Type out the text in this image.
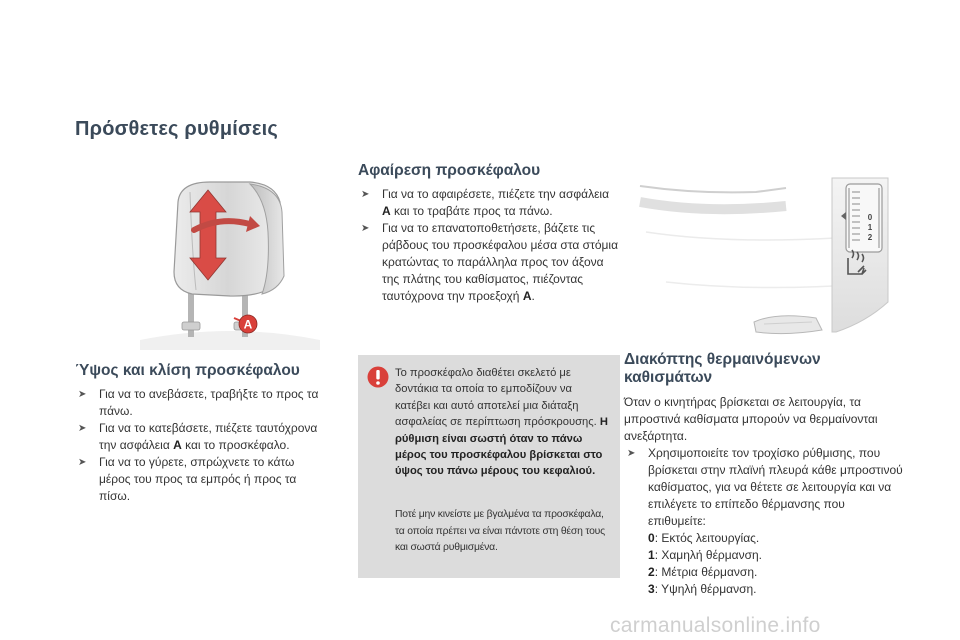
Πρόσθετες ρυθμίσεις
A
Ύψος και κλίση προσκέφαλου
➤ Για να το ανεβάσετε, τραβήξτε το προς τα πάνω.
➤ Για να το κατεβάσετε, πιέζετε ταυτόχρονα την ασφάλεια A και το προσκέφαλο.
➤ Για να το γύρετε, σπρώχνετε το κάτω μέρος του προς τα εμπρός ή προς τα πίσω.
Αφαίρεση προσκέφαλου
➤ Για να το αφαιρέσετε, πιέζετε την ασφάλεια A και το τραβάτε προς τα πάνω.
➤ Για να το επανατοποθετήσετε, βάζετε τις ράβδους του προσκέφαλου μέσα στα στόμια κρατώντας το παράλληλα προς τον άξονα της πλάτης του καθίσματος, πιέζοντας ταυτόχρονα την προεξοχή A.
Το προσκέφαλο διαθέτει σκελετό με δοντάκια τα οποία το εμποδίζουν να κατέβει και αυτό αποτελεί μια διάταξη ασφαλείας σε περίπτωση πρόσκρουσης. Η ρύθμιση είναι σωστή όταν το πάνω μέρος του προσκέφαλου βρίσκεται στο ύψος του πάνω μέρους του κεφαλιού.
Ποτέ μην κινείστε με βγαλμένα τα προσκέφαλα, τα οποία πρέπει να είναι πάντοτε στη θέση τους και σωστά ρυθμισμένα.
0
1
2
Διακόπτης θερμαινόμενων καθισμάτων

Όταν ο κινητήρας βρίσκεται σε λειτουργία, τα μπροστινά καθίσματα μπορούν να θερμαίνονται ανεξάρτητα.

➤ Χρησιμοποιείτε τον τροχίσκο ρύθμισης, που βρίσκεται στην πλαϊνή πλευρά κάθε μπροστινού καθίσματος, για να θέτετε σε λειτουργία και να επιλέγετε το επίπεδο θέρμανσης που επιθυμείτε:
0: Εκτός λειτουργίας.
1: Χαμηλή θέρμανση.
2: Μέτρια θέρμανση.
3: Υψηλή θέρμανση.
carmanualsonline.info
